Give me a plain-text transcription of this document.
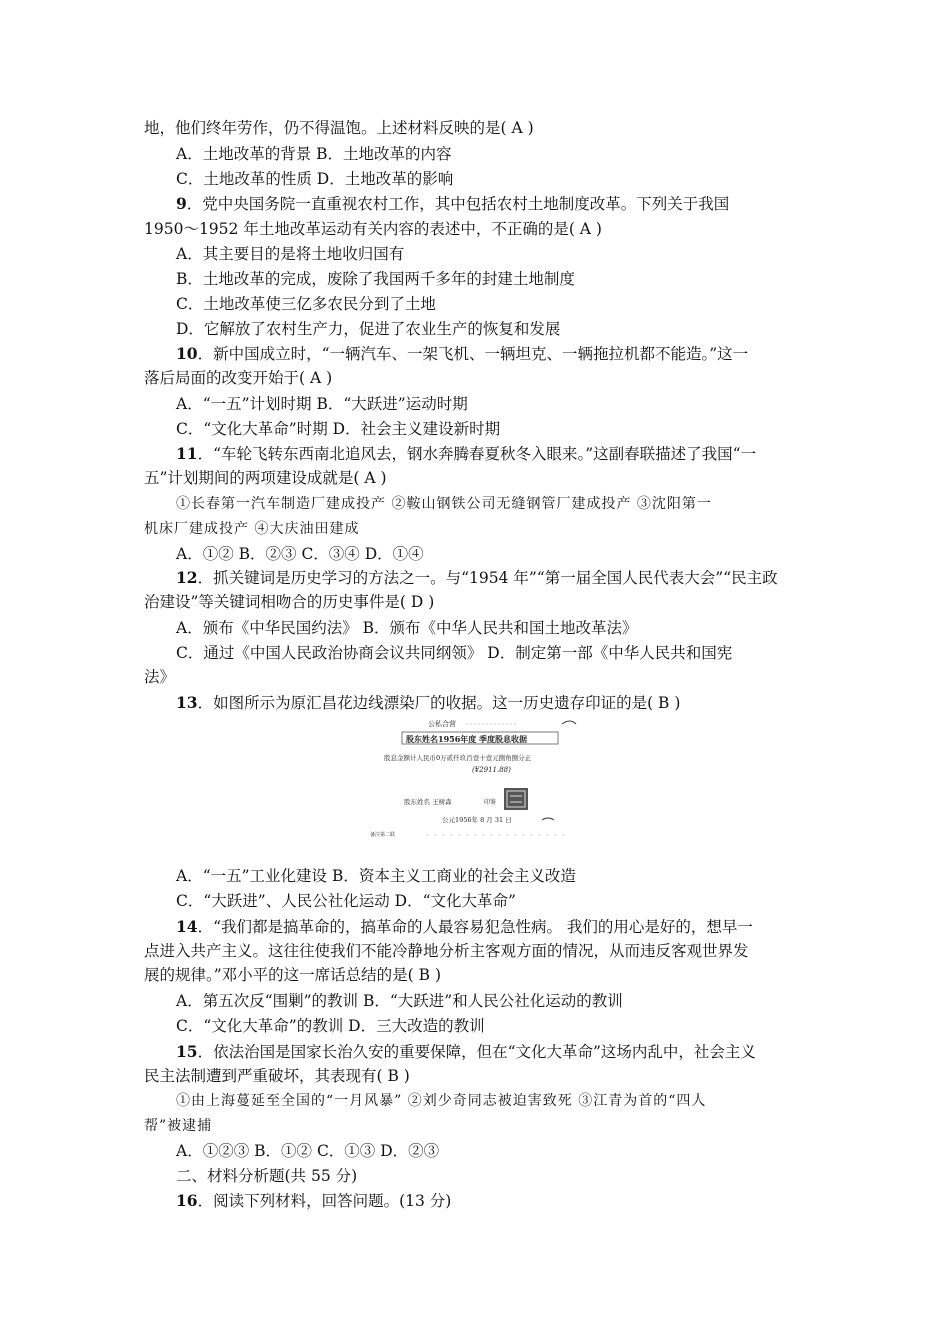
地，他们终年劳作，仍不得温饱。上述材料反映的是( A )
A．土地改革的背景 B．土地改革的内容
C．土地改革的性质 D．土地改革的影响
9．党中央国务院一直重视农村工作，其中包括农村土地制度改革。下列关于我国
1950～1952 年土地改革运动有关内容的表述中，不正确的是( A )
A．其主要目的是将土地收归国有
B．土地改革的完成，废除了我国两千多年的封建土地制度
C．土地改革使三亿多农民分到了土地
D．它解放了农村生产力，促进了农业生产的恢复和发展
10．新中国成立时，“一辆汽车、一架飞机、一辆坦克、一辆拖拉机都不能造。”这一
落后局面的改变开始于( A )
A．“一五”计划时期 B．“大跃进”运动时期
C．“文化大革命”时期 D．社会主义建设新时期
11．“车轮飞转东西南北追风去，钢水奔腾春夏秋冬入眼来。”这副春联描述了我国“一
五”计划期间的两项建设成就是( A )
①长春第一汽车制造厂建成投产 ②鞍山钢铁公司无缝钢管厂建成投产 ③沈阳第一
机床厂建成投产 ④大庆油田建成
A．①② B．②③ C．③④ D．①④
12．抓关键词是历史学习的方法之一。与“1954 年”“第一届全国人民代表大会”“民主政
治建设”等关键词相吻合的历史事件是( D )
A．颁布《中华民国约法》 B．颁布《中华人民共和国土地改革法》
C．通过《中国人民政治协商会议共同纲领》 D．制定第一部《中华人民共和国宪
法》
13．如图所示为原汇昌花边线漂染厂的收据。这一历史遗存印证的是( B )
公私合营
股东姓名1956年度 季度股息收据
股息金额计人民币0万贰仟玖百壹十壹元捌角捌分正
(¥2911.88)
股东姓名 王树森	印鉴
公元1956年 8 月 31 日
备注第二联
A．“一五”工业化建设 B．资本主义工商业的社会主义改造
C．“大跃进”、人民公社化运动 D．“文化大革命”
14．“我们都是搞革命的，搞革命的人最容易犯急性病。 我们的用心是好的，想早一
点进入共产主义。这往往使我们不能冷静地分析主客观方面的情况，从而违反客观世界发
展的规律。”邓小平的这一席话总结的是( B )
A．第五次反“围剿”的教训 B．“大跃进”和人民公社化运动的教训
C．“文化大革命”的教训 D．三大改造的教训
15．依法治国是国家长治久安的重要保障，但在“文化大革命”这场内乱中，社会主义
民主法制遭到严重破坏，其表现有( B )
①由上海蔓延至全国的“一月风暴” ②刘少奇同志被迫害致死 ③江青为首的“四人
帮”被逮捕
A．①②③ B．①② C．①③ D．②③
二、材料分析题(共 55 分)
16．阅读下列材料，回答问题。(13 分)
